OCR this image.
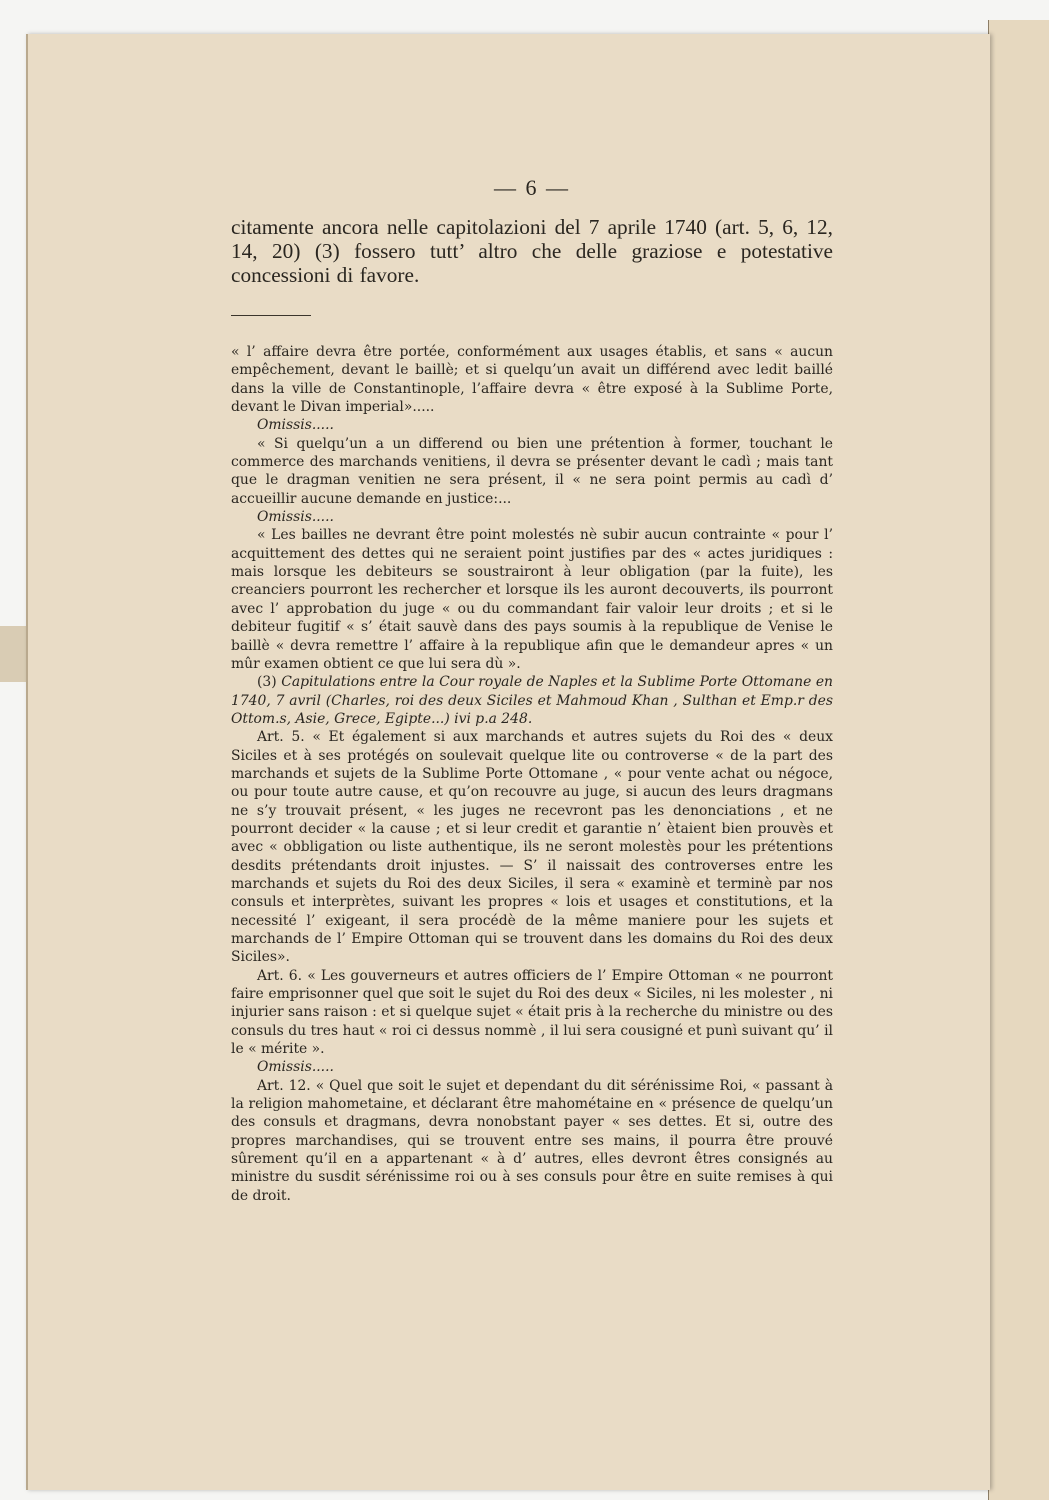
— 6 —

citamente ancora nelle capitolazioni del 7 aprile 1740 (art. 5, 6, 12, 14, 20) (3) fossero tutt’ altro che delle graziose e potestative concessioni di favore.

« l’ affaire devra être portée, conformément aux usages établis, et sans « aucun empêchement, devant le baillè; et si quelqu’un avait un différend avec ledit baillé dans la ville de Constantinople, l’affaire devra « être exposé à la Sublime Porte, devant le Divan imperial».....

Omissis.....

« Si quelqu’un a un differend ou bien une prétention à former, touchant le commerce des marchands venitiens, il devra se présenter devant le cadì ; mais tant que le dragman venitien ne sera présent, il « ne sera point permis au cadì d’ accueillir aucune demande en justice:...

Omissis.....

« Les bailles ne devrant être point molestés nè subir aucun contrainte « pour l’ acquittement des dettes qui ne seraient point justifies par des « actes juridiques : mais lorsque les debiteurs se soustrairont à leur obligation (par la fuite), les creanciers pourront les rechercher et lorsque ils les auront decouverts, ils pourront avec l’ approbation du juge « ou du commandant fair valoir leur droits ; et si le debiteur fugitif « s’ était sauvè dans des pays soumis à la republique de Venise le baillè « devra remettre l’ affaire à la republique afin que le demandeur apres « un mûr examen obtient ce que lui sera dù ».

(3) Capitulations entre la Cour royale de Naples et la Sublime Porte Ottomane en 1740, 7 avril (Charles, roi des deux Siciles et Mahmoud Khan , Sulthan et Emp.r des Ottom.s, Asie, Grece, Egipte...) ivi p.a 248.

Art. 5. « Et également si aux marchands et autres sujets du Roi des « deux Siciles et à ses protégés on soulevait quelque lite ou controverse « de la part des marchands et sujets de la Sublime Porte Ottomane , « pour vente achat ou négoce, ou pour toute autre cause, et qu’on recouvre au juge, si aucun des leurs dragmans ne s’y trouvait présent, « les juges ne recevront pas les denonciations , et ne pourront decider « la cause ; et si leur credit et garantie n’ ètaient bien prouvès et avec « obbligation ou liste authentique, ils ne seront molestès pour les prétentions desdits prétendants droit injustes. — S’ il naissait des controverses entre les marchands et sujets du Roi des deux Siciles, il sera « examinè et terminè par nos consuls et interprètes, suivant les propres « lois et usages et constitutions, et la necessité l’ exigeant, il sera procédè de la même maniere pour les sujets et marchands de l’ Empire Ottoman qui se trouvent dans les domains du Roi des deux Siciles».

Art. 6. « Les gouverneurs et autres officiers de l’ Empire Ottoman « ne pourront faire emprisonner quel que soit le sujet du Roi des deux « Siciles, ni les molester , ni injurier sans raison : et si quelque sujet « était pris à la recherche du ministre ou des consuls du tres haut « roi ci dessus nommè , il lui sera cousigné et punì suivant qu’ il le « mérite ».

Omissis.....

Art. 12. « Quel que soit le sujet et dependant du dit sérénissime Roi, « passant à la religion mahometaine, et déclarant être mahométaine en « présence de quelqu’un des consuls et dragmans, devra nonobstant payer « ses dettes. Et si, outre des propres marchandises, qui se trouvent entre ses mains, il pourra être prouvé sûrement qu’il en a appartenant « à d’ autres, elles devront êtres consignés au ministre du susdit sérénissime roi ou à ses consuls pour être en suite remises à qui de droit.
